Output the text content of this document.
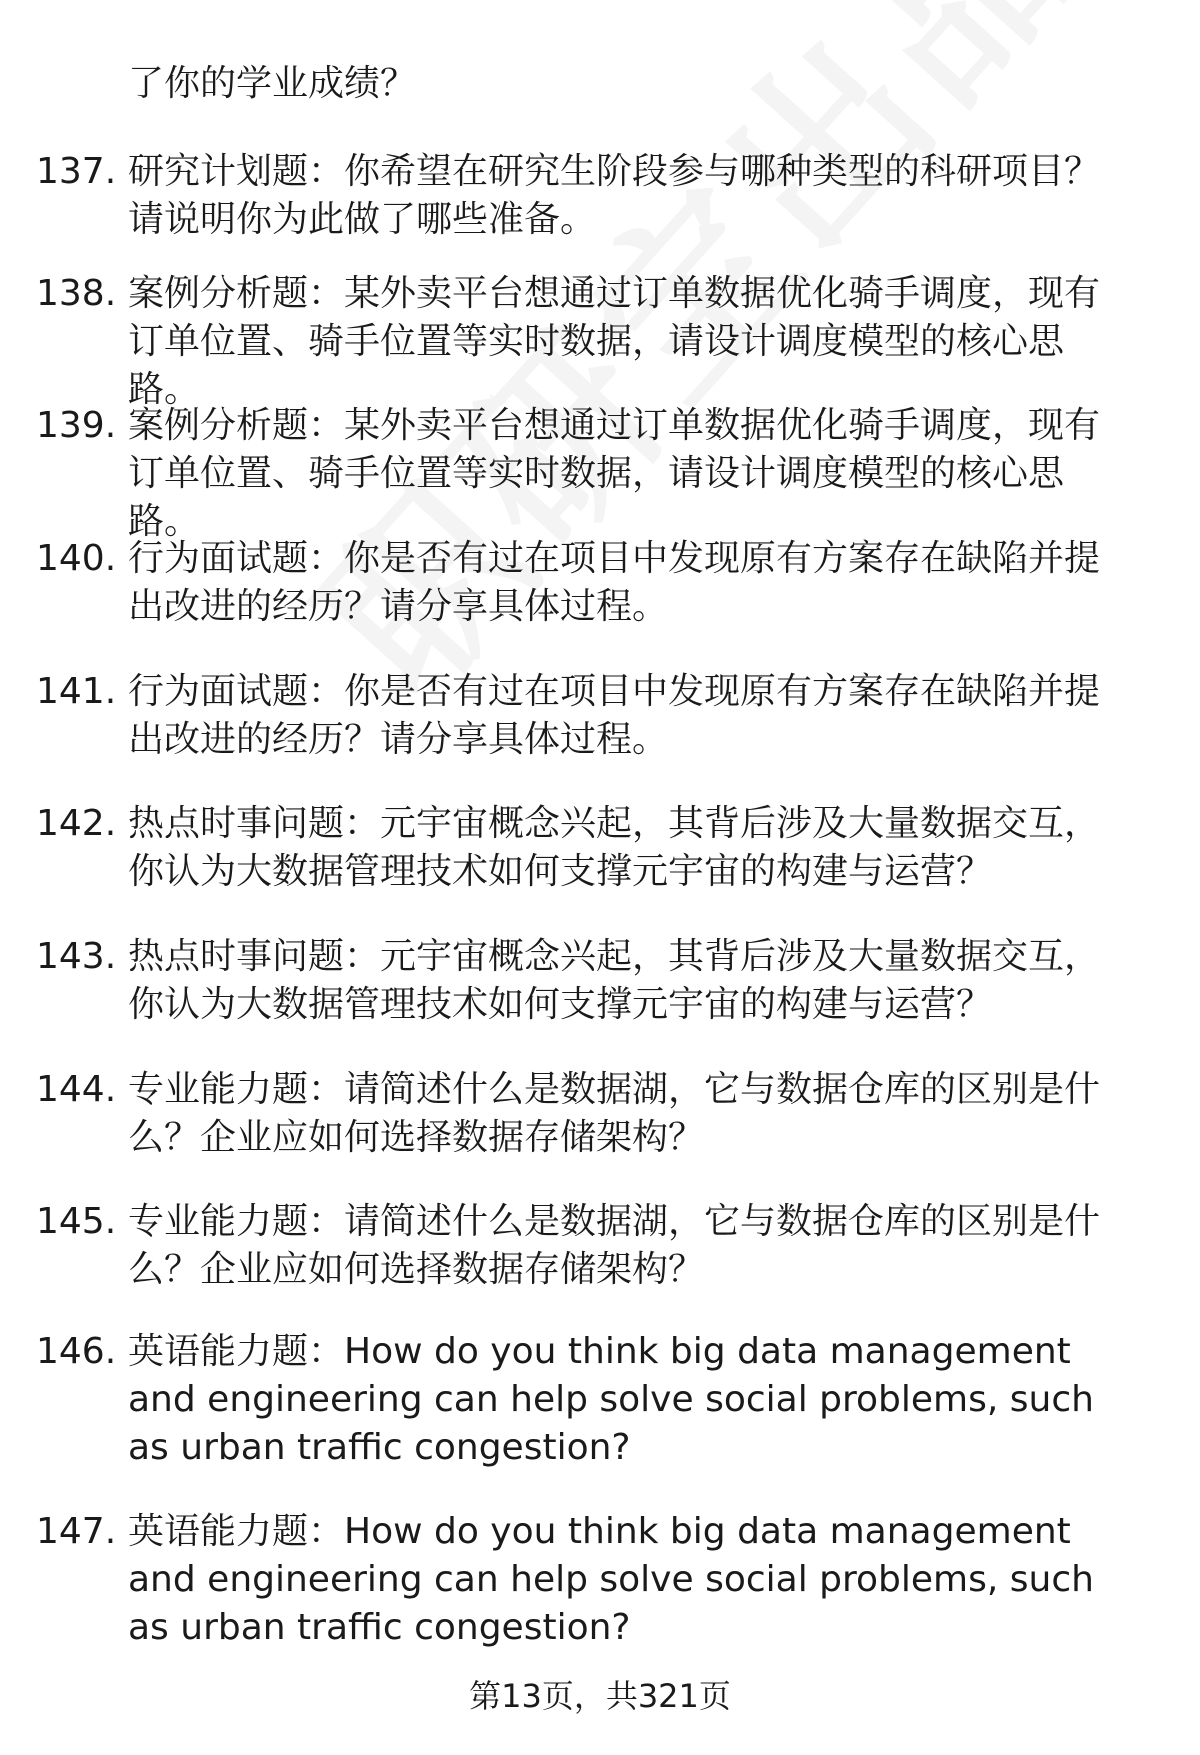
了你的学业成绩？
137. 研究计划题：你希望在研究生阶段参与哪种类型的科研项目？请说明你为此做了哪些准备。
138. 案例分析题：某外卖平台想通过订单数据优化骑手调度，现有订单位置、骑手位置等实时数据，请设计调度模型的核心思路。
139. 案例分析题：某外卖平台想通过订单数据优化骑手调度，现有订单位置、骑手位置等实时数据，请设计调度模型的核心思路。
140. 行为面试题：你是否有过在项目中发现原有方案存在缺陷并提出改进的经历？请分享具体过程。
141. 行为面试题：你是否有过在项目中发现原有方案存在缺陷并提出改进的经历？请分享具体过程。
142. 热点时事问题：元宇宙概念兴起，其背后涉及大量数据交互，你认为大数据管理技术如何支撑元宇宙的构建与运营？
143. 热点时事问题：元宇宙概念兴起，其背后涉及大量数据交互，你认为大数据管理技术如何支撑元宇宙的构建与运营？
144. 专业能力题：请简述什么是数据湖，它与数据仓库的区别是什么？企业应如何选择数据存储架构？
145. 专业能力题：请简述什么是数据湖，它与数据仓库的区别是什么？企业应如何选择数据存储架构？
146. 英语能力题：How do you think big data management and engineering can help solve social problems, such as urban traffic congestion?
147. 英语能力题：How do you think big data management and engineering can help solve social problems, such as urban traffic congestion?
第13页，共321页
